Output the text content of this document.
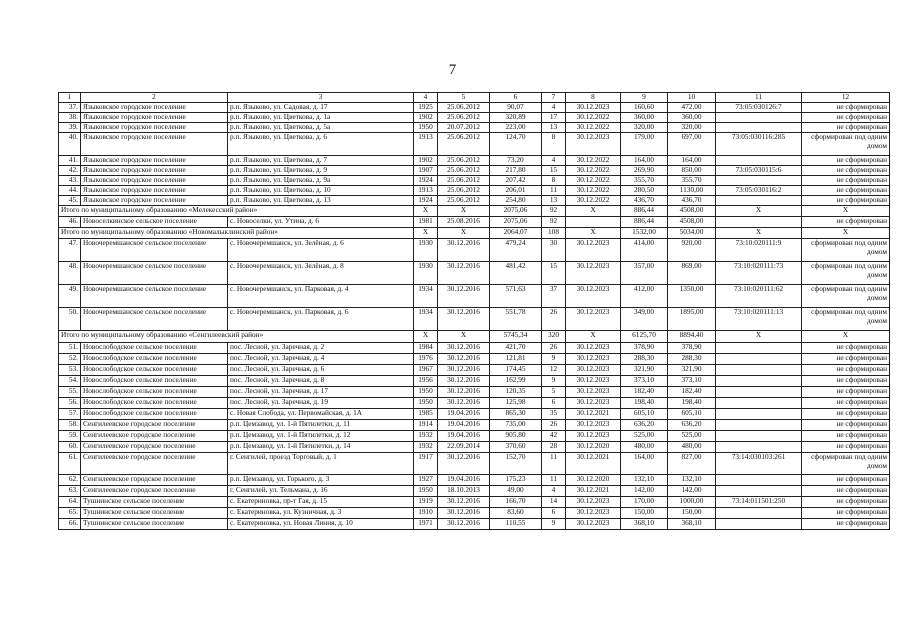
7
1	2	3	4	5	6	7	8	9	10	11	12
37.	Языковское городское поселение	р.п. Языково, ул. Садовая, д. 17	1925	25.06.2012	90,07	4	30.12.2023	160,60	472,00	73:05:030126:7	не сформирован
38.	Языковское городское поселение	р.п. Языково, ул. Цветкова, д. 1а	1902	25.06.2012	320,89	17	30.12.2022	360,00	360,00		не сформирован
39.	Языковское городское поселение	р.п. Языково, ул. Цветкова, д. 5а	1950	20.07.2012	223,00	13	30.12.2022	320,00	320,00		не сформирован
40.	Языковское городское поселение	р.п. Языково, ул. Цветкова, д. 6	1913	25.06.2012	124,70	8	30.12.2023	179,00	697,00	73:05:030116:285	сформирован под одним домом
41.	Языковское городское поселение	р.п. Языково, ул. Цветкова, д. 7	1902	25.06.2012	73,20	4	30.12.2022	164,00	164,00		не сформирован
42.	Языковское городское поселение	р.п. Языково, ул. Цветкова, д. 9	1907	25.06.2012	217,80	15	30.12.2022	269,90	850,00	73:05:030115:6	не сформирован
43.	Языковское городское поселение	р.п. Языково, ул. Цветкова, д. 9а	1924	25.06.2012	207,42	8	30.12.2022	355,70	355,70		не сформирован
44.	Языковское городское поселение	р.п. Языково, ул. Цветкова, д. 10	1913	25.06.2012	206,01	11	30.12.2022	280,50	1130,00	73:05:030116:2	не сформирован
45.	Языковское городское поселение	р.п. Языково, ул. Цветкова, д. 13	1924	25.06.2012	254,80	13	30.12.2022	436,70	436,70		не сформирован
Итого по муниципальному образованию «Мелекесский район»			X	X	2075,06	92	X	886,44	4508,00	X	X
46.	Новоселкинское сельское поселение	с. Новоселки, ул. Утина, д. 6	1981	25.08.2016	2075,06	92		886,44	4508,00		не сформирован
Итого по муниципальному образованию «Новомалыклинский район»			X	X	2064,07	108	X	1532,00	5034,00	X	X
47.	Новочеремшанское сельское поселение	с. Новочеремшанск, ул. Зелёная, д. 6	1930	30.12.2016	479,24	30	30.12.2023	414,00	920,00	73:10:020111:9	сформирован под одним домом
48.	Новочеремшанское сельское поселение	с. Новочеремшанск, ул. Зелёная, д. 8	1930	30.12.2016	481,42	15	30.12.2023	357,00	869,00	73:10:020111:73	сформирован под одним домом
49.	Новочеремшанское сельское поселение	с. Новочеремшанск, ул. Парковая, д. 4	1934	30.12.2016	571,63	37	30.12.2023	412,00	1350,00	73:10:020111:62	сформирован под одним домом
50.	Новочеремшанское сельское поселение	с. Новочеремшанск, ул. Парковая, д. 6	1934	30.12.2016	551,78	26	30.12.2023	349,00	1895,00	73:10:020111:13	сформирован под одним домом
Итого по муниципальному образованию «Сенгилеевский район»			X	X	5745,34	320	X	6125,70	8894,40	X	X
51.	Новослободское сельское поселение	пос. Лесной, ул. Заречная, д. 2	1984	30.12.2016	421,70	26	30.12.2023	378,90	378,90		не сформирован
52.	Новослободское сельское поселение	пос. Лесной, ул. Заречная, д. 4	1976	30.12.2016	121,81	9	30.12.2023	288,30	288,30		не сформирован
53.	Новослободское сельское поселение	пос. Лесной, ул. Заречная, д. 6	1967	30.12.2016	174,45	12	30.12.2023	321,90	321,90		не сформирован
54.	Новослободское сельское поселение	пос. Лесной, ул. Заречная, д. 8	1956	30.12.2016	162,99	9	30.12.2023	373,10	373,10		не сформирован
55.	Новослободское сельское поселение	пос. Лесной, ул. Заречная, д. 17	1950	30.12.2016	120,35	5	30.12.2023	182,40	182,40		не сформирован
56.	Новослободское сельское поселение	пос. Лесной, ул. Заречная, д. 19	1950	30.12.2016	125,98	6	30.12.2023	198,40	198,40		не сформирован
57.	Новослободское сельское поселение	с. Новая Слобода, ул. Первомайская, д. 1А	1985	19.04.2016	865,30	35	30.12.2021	605,10	605,10		не сформирован
58.	Сенгилеевское городское поселение	р.п. Цемзавод, ул. 1-й Пятилетки, д. 11	1914	19.04.2016	735,00	26	30.12.2023	636,20	636,20		не сформирован
59.	Сенгилеевское городское поселение	р.п. Цемзавод, ул. 1-й Пятилетки, д. 12	1932	19.04.2016	905,80	42	30.12.2023	525,00	525,00		не сформирован
60.	Сенгилеевское городское поселение	р.п. Цемзавод, ул. 1-й Пятилетки, д. 14	1932	22.09.2014	370,60	28	30.12.2020	480,00	480,00		не сформирован
61.	Сенгилеевское городское поселение	г. Сенгилей, проезд Торговый, д. 1	1917	30.12.2016	152,70	11	30.12.2021	164,00	827,00	73:14:030103:261	сформирован под одним домом
62.	Сенгилеевское городское поселение	р.п. Цемзавод, ул. Горького, д. 3	1927	19.04.2016	175,23	11	30.12.2020	132,10	132,10		не сформирован
63.	Сенгилеевское городское поселение	г. Сенгилей, ул. Тельмана, д. 16	1950	18.10.2013	49,00	4	30.12.2021	142,00	142,00		не сформирован
64.	Тушнинское сельское поселение	с. Екатериновка, пр-т Гая, д. 15	1919	30.12.2016	166,70	14	30.12.2023	170,00	1000,00	73:14:011501:250	не сформирован
65.	Тушнинское сельское поселение	с. Екатериновка, ул. Кузничная, д. 3	1910	30.12.2016	83,60	6	30.12.2023	150,00	150,00		не сформирован
66.	Тушнинское сельское поселение	с. Екатериновка, ул. Новая Линия, д. 10	1971	30.12.2016	110,55	9	30.12.2023	368,10	368,10		не сформирован
